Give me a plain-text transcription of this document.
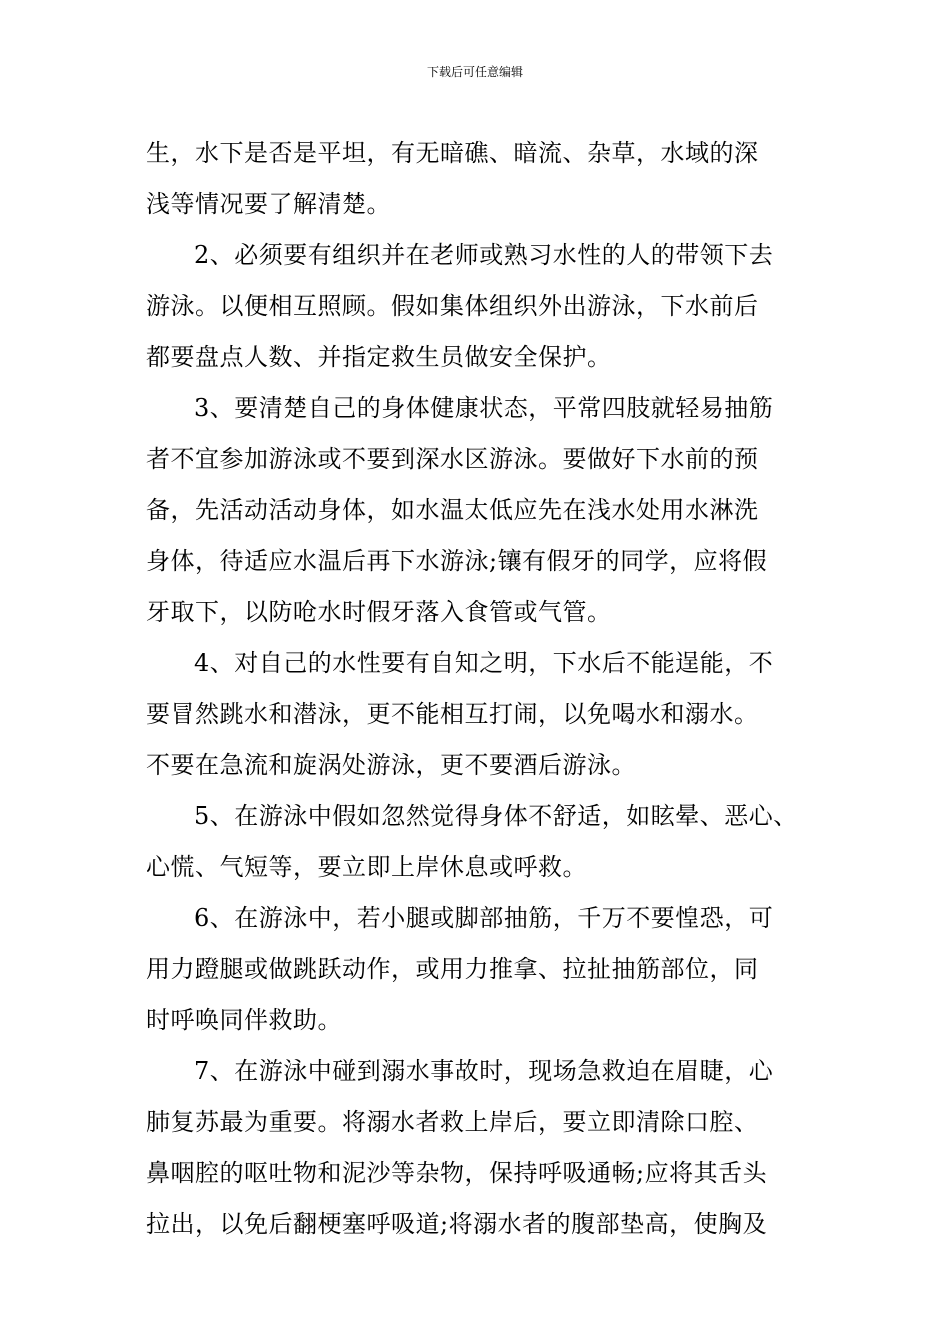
下载后可任意编辑
生，水下是否是平坦，有无暗礁、暗流、杂草，水域的深
浅等情况要了解清楚。
2、必须要有组织并在老师或熟习水性的人的带领下去
游泳。以便相互照顾。假如集体组织外出游泳，下水前后
都要盘点人数、并指定救生员做安全保护。
3、要清楚自己的身体健康状态，平常四肢就轻易抽筋
者不宜参加游泳或不要到深水区游泳。要做好下水前的预
备，先活动活动身体，如水温太低应先在浅水处用水淋洗
身体，待适应水温后再下水游泳;镶有假牙的同学，应将假
牙取下，以防呛水时假牙落入食管或气管。
4、对自己的水性要有自知之明，下水后不能逞能，不
要冒然跳水和潜泳，更不能相互打闹，以免喝水和溺水。
不要在急流和旋涡处游泳，更不要酒后游泳。
5、在游泳中假如忽然觉得身体不舒适，如眩晕、恶心、
心慌、气短等，要立即上岸休息或呼救。
6、在游泳中，若小腿或脚部抽筋，千万不要惶恐，可
用力蹬腿或做跳跃动作，或用力推拿、拉扯抽筋部位，同
时呼唤同伴救助。
7、在游泳中碰到溺水事故时，现场急救迫在眉睫，心
肺复苏最为重要。将溺水者救上岸后，要立即清除口腔、
鼻咽腔的呕吐物和泥沙等杂物，保持呼吸通畅;应将其舌头
拉出，以免后翻梗塞呼吸道;将溺水者的腹部垫高，使胸及
